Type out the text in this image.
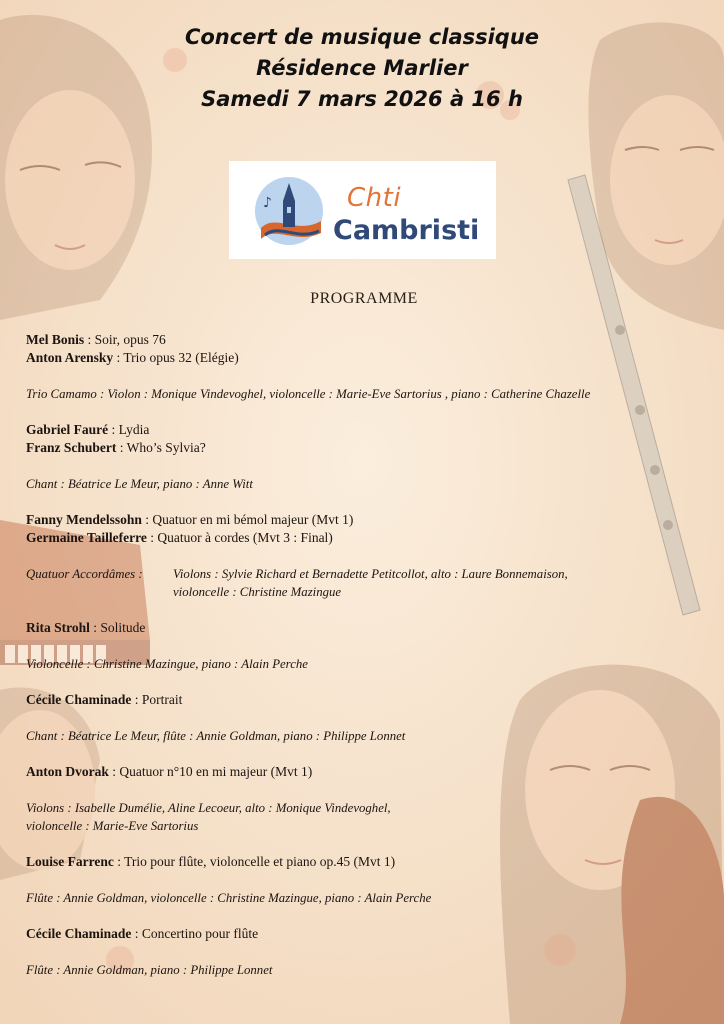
Concert de musique classique
Résidence Marlier
Samedi 7 mars 2026 à 16 h
♪	Chti
Cambristi
PROGRAMME
Mel Bonis : Soir, opus 76
Anton Arensky : Trio opus 32 (Elégie)
Trio Camamo : Violon : Monique Vindevoghel, violoncelle : Marie-Eve Sartorius , piano : Catherine Chazelle
Gabriel Fauré : Lydia
Franz Schubert : Who’s Sylvia?
Chant : Béatrice Le Meur, piano : Anne Witt
Fanny Mendelssohn : Quatuor en mi bémol majeur (Mvt 1)
Germaine Tailleferre : Quatuor à cordes (Mvt 3 : Final)
Quatuor Accordâmes :	Violons : Sylvie Richard et Bernadette Petitcollot, alto : Laure Bonnemaison,
violoncelle : Christine Mazingue
Rita Strohl : Solitude
Violoncelle : Christine Mazingue, piano : Alain Perche
Cécile Chaminade : Portrait
Chant : Béatrice Le Meur, flûte : Annie Goldman, piano : Philippe Lonnet
Anton Dvorak : Quatuor n°10 en mi majeur (Mvt 1)
Violons : Isabelle Dumélie, Aline Lecoeur, alto : Monique Vindevoghel,
violoncelle : Marie-Eve Sartorius
Louise Farrenc : Trio pour flûte, violoncelle et piano op.45 (Mvt 1)
Flûte : Annie Goldman, violoncelle : Christine Mazingue, piano : Alain Perche
Cécile Chaminade : Concertino pour flûte
Flûte : Annie Goldman, piano : Philippe Lonnet
